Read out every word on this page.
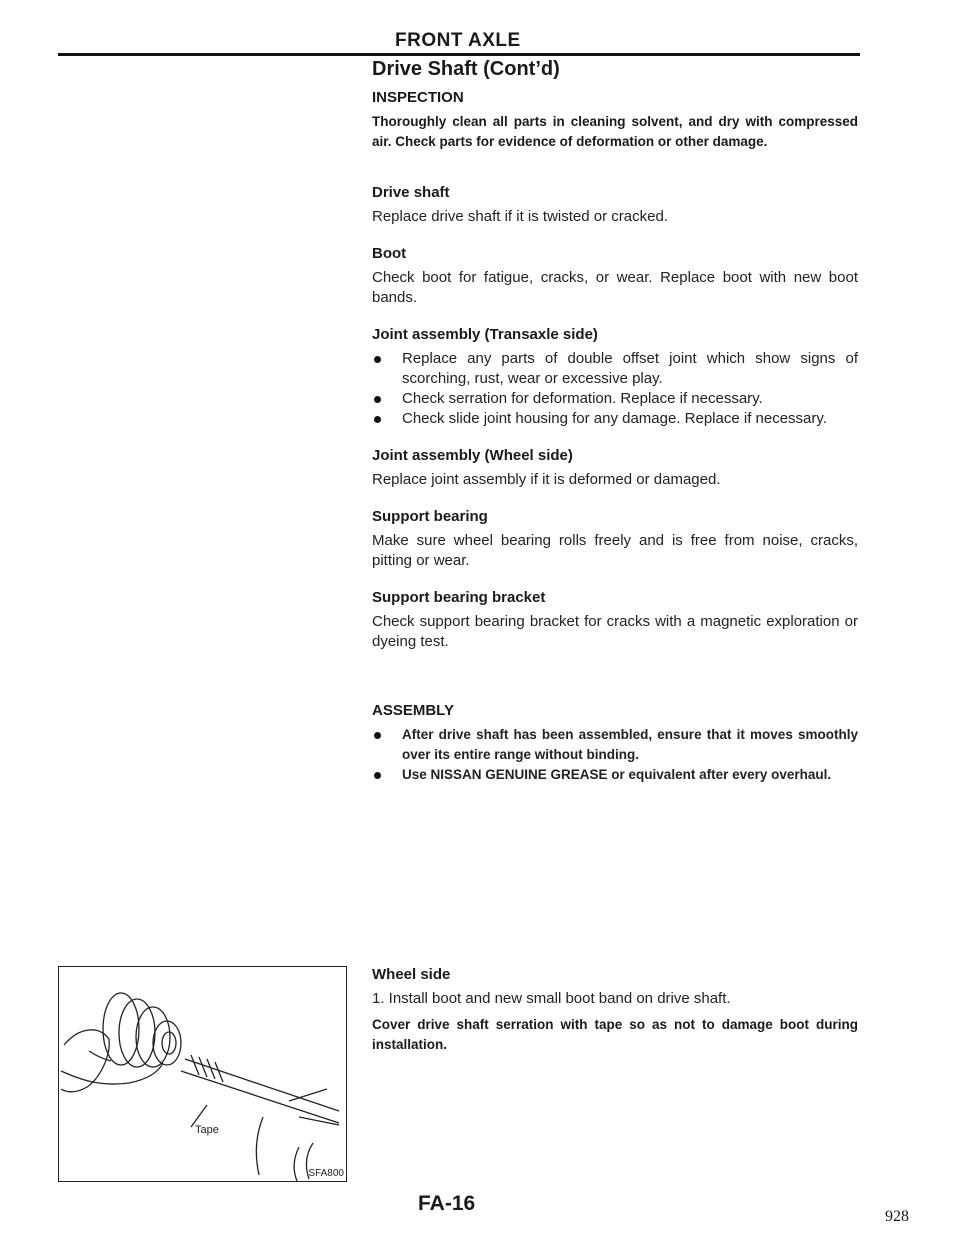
FRONT AXLE
Drive Shaft (Cont’d)
INSPECTION

Thoroughly clean all parts in cleaning solvent, and dry with compressed air. Check parts for evidence of deformation or other damage.

Drive shaft

Replace drive shaft if it is twisted or cracked.

Boot

Check boot for fatigue, cracks, or wear. Replace boot with new boot bands.

Joint assembly (Transaxle side)
Replace any parts of double offset joint which show signs of scorching, rust, wear or excessive play.
Check serration for deformation. Replace if necessary.
Check slide joint housing for any damage. Replace if necessary.
Joint assembly (Wheel side)

Replace joint assembly if it is deformed or damaged.

Support bearing

Make sure wheel bearing rolls freely and is free from noise, cracks, pitting or wear.

Support bearing bracket

Check support bearing bracket for cracks with a magnetic exploration or dyeing test.

ASSEMBLY
After drive shaft has been assembled, ensure that it moves smoothly over its entire range without binding.
Use NISSAN GENUINE GREASE or equivalent after every overhaul.
Wheel side

1. Install boot and new small boot band on drive shaft.

Cover drive shaft serration with tape so as not to damage boot during installation.

Tape
SFA800
FA-16
928
